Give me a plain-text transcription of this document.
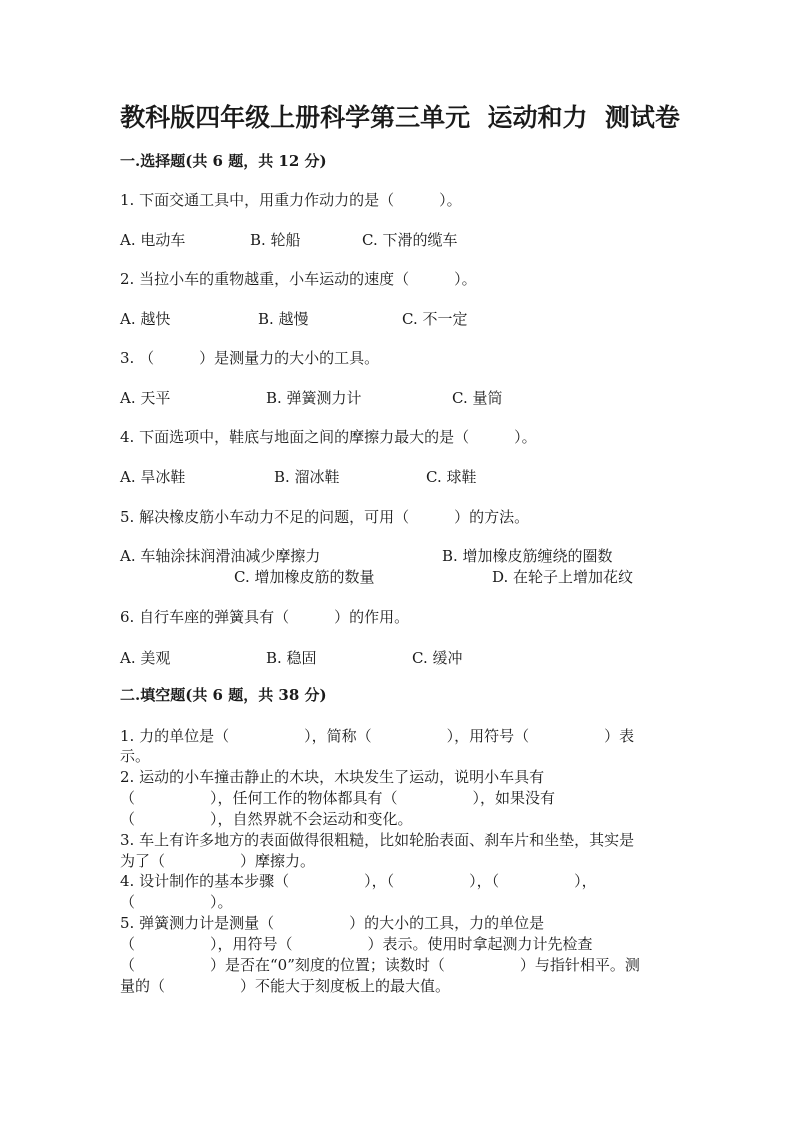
教科版四年级上册科学第三单元  运动和力  测试卷
一.选择题(共 6 题，共 12 分)
1. 下面交通工具中，用重力作动力的是（　　　）。
A. 电动车	B. 轮船	C. 下滑的缆车
2. 当拉小车的重物越重，小车运动的速度（　　　）。
A. 越快	B. 越慢	C. 不一定
3. （　　　）是测量力的大小的工具。
A. 天平	B. 弹簧测力计	C. 量筒
4. 下面选项中，鞋底与地面之间的摩擦力最大的是（　　　）。
A. 旱冰鞋	B. 溜冰鞋	C. 球鞋
5. 解决橡皮筋小车动力不足的问题，可用（　　　）的方法。
A. 车轴涂抹润滑油减少摩擦力	B. 增加橡皮筋缠绕的圈数
C. 增加橡皮筋的数量	D. 在轮子上增加花纹
6. 自行车座的弹簧具有（　　　）的作用。
A. 美观	B. 稳固	C. 缓冲
二.填空题(共 6 题，共 38 分)
1. 力的单位是（　　　　　），简称（　　　　　），用符号（　　　　　）表
示。
2. 运动的小车撞击静止的木块，木块发生了运动，说明小车具有
（　　　　　），任何工作的物体都具有（　　　　　），如果没有
（　　　　　），自然界就不会运动和变化。
3. 车上有许多地方的表面做得很粗糙，比如轮胎表面、刹车片和坐垫，其实是
为了（　　　　　）摩擦力。
4. 设计制作的基本步骤（　　　　　），（　　　　　），（　　　　　），
（　　　　　）。
5. 弹簧测力计是测量（　　　　　）的大小的工具，力的单位是
（　　　　　），用符号（　　　　　）表示。使用时拿起测力计先检查
（　　　　　）是否在“0”刻度的位置；读数时（　　　　　）与指针相平。测
量的（　　　　　）不能大于刻度板上的最大值。
